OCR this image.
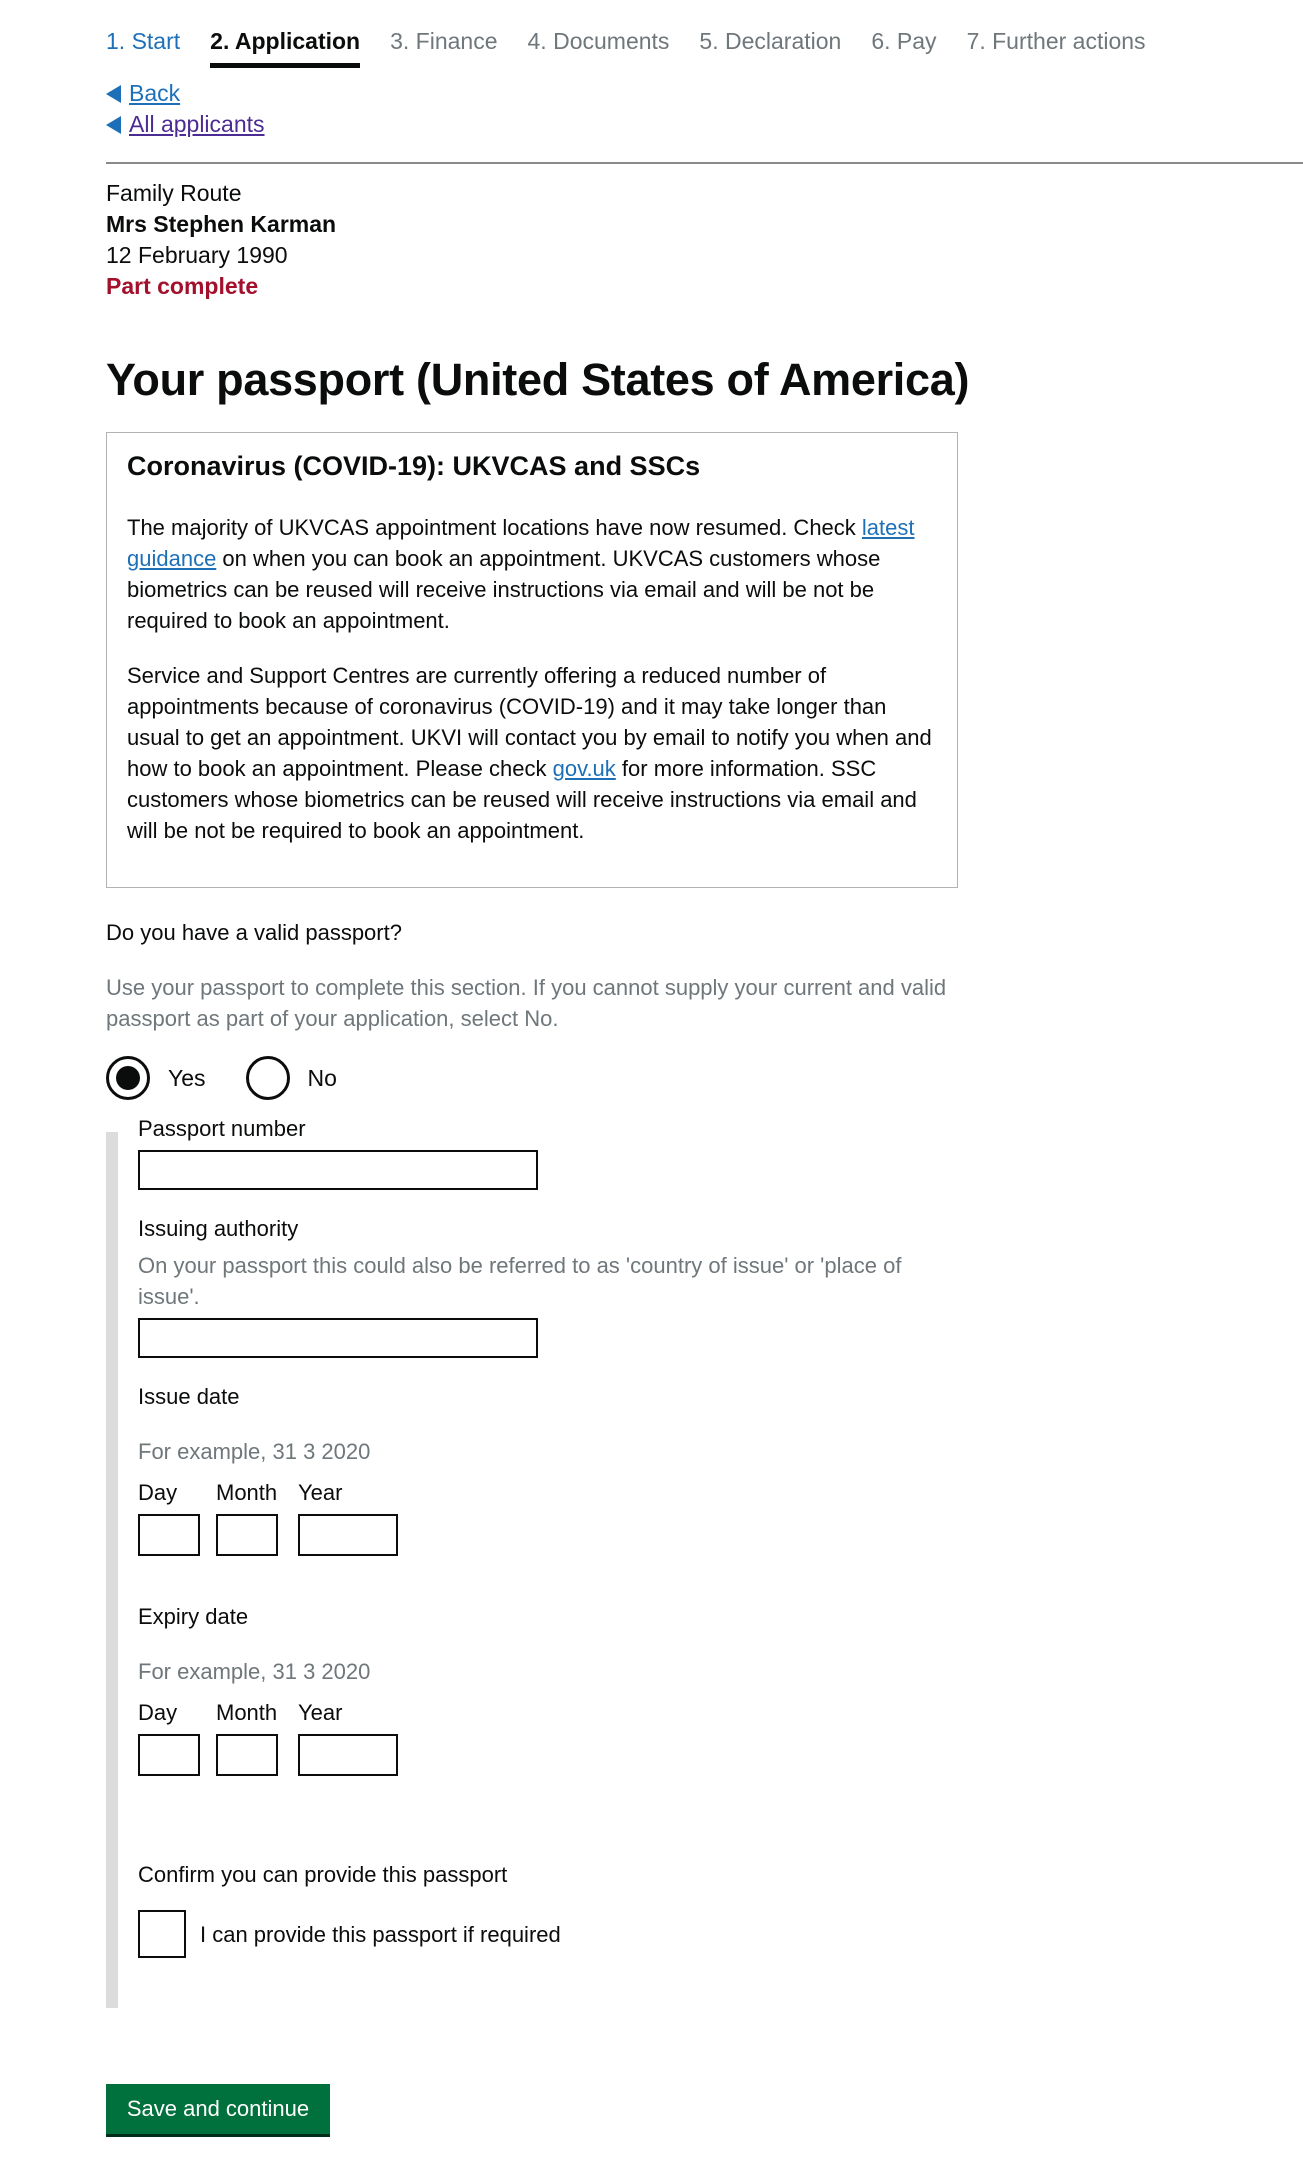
1. Start 2. Application 3. Finance 4. Documents 5. Declaration 6. Pay 7. Further actions
Back
All applicants
Family Route
Mrs Stephen Karman
12 February 1990
Part complete
Your passport (United States of America)
Coronavirus (COVID-19): UKVCAS and SSCs

The majority of UKVCAS appointment locations have now resumed. Check latest guidance on when you can book an appointment. UKVCAS customers whose biometrics can be reused will receive instructions via email and will be not be required to book an appointment.

Service and Support Centres are currently offering a reduced number of appointments because of coronavirus (COVID-19) and it may take longer than usual to get an appointment. UKVI will contact you by email to notify you when and how to book an appointment. Please check gov.uk for more information. SSC customers whose biometrics can be reused will receive instructions via email and will be not be required to book an appointment.

Do you have a valid passport?
Use your passport to complete this section. If you cannot supply your current and valid passport as part of your application, select No.
Yes	No
Passport number
Issuing authority
On your passport this could also be referred to as 'country of issue' or 'place of issue'.
Issue date
For example, 31 3 2020
Day Month Year
Expiry date
For example, 31 3 2020
Day Month Year
Confirm you can provide this passport
I can provide this passport if required
Save and continue
